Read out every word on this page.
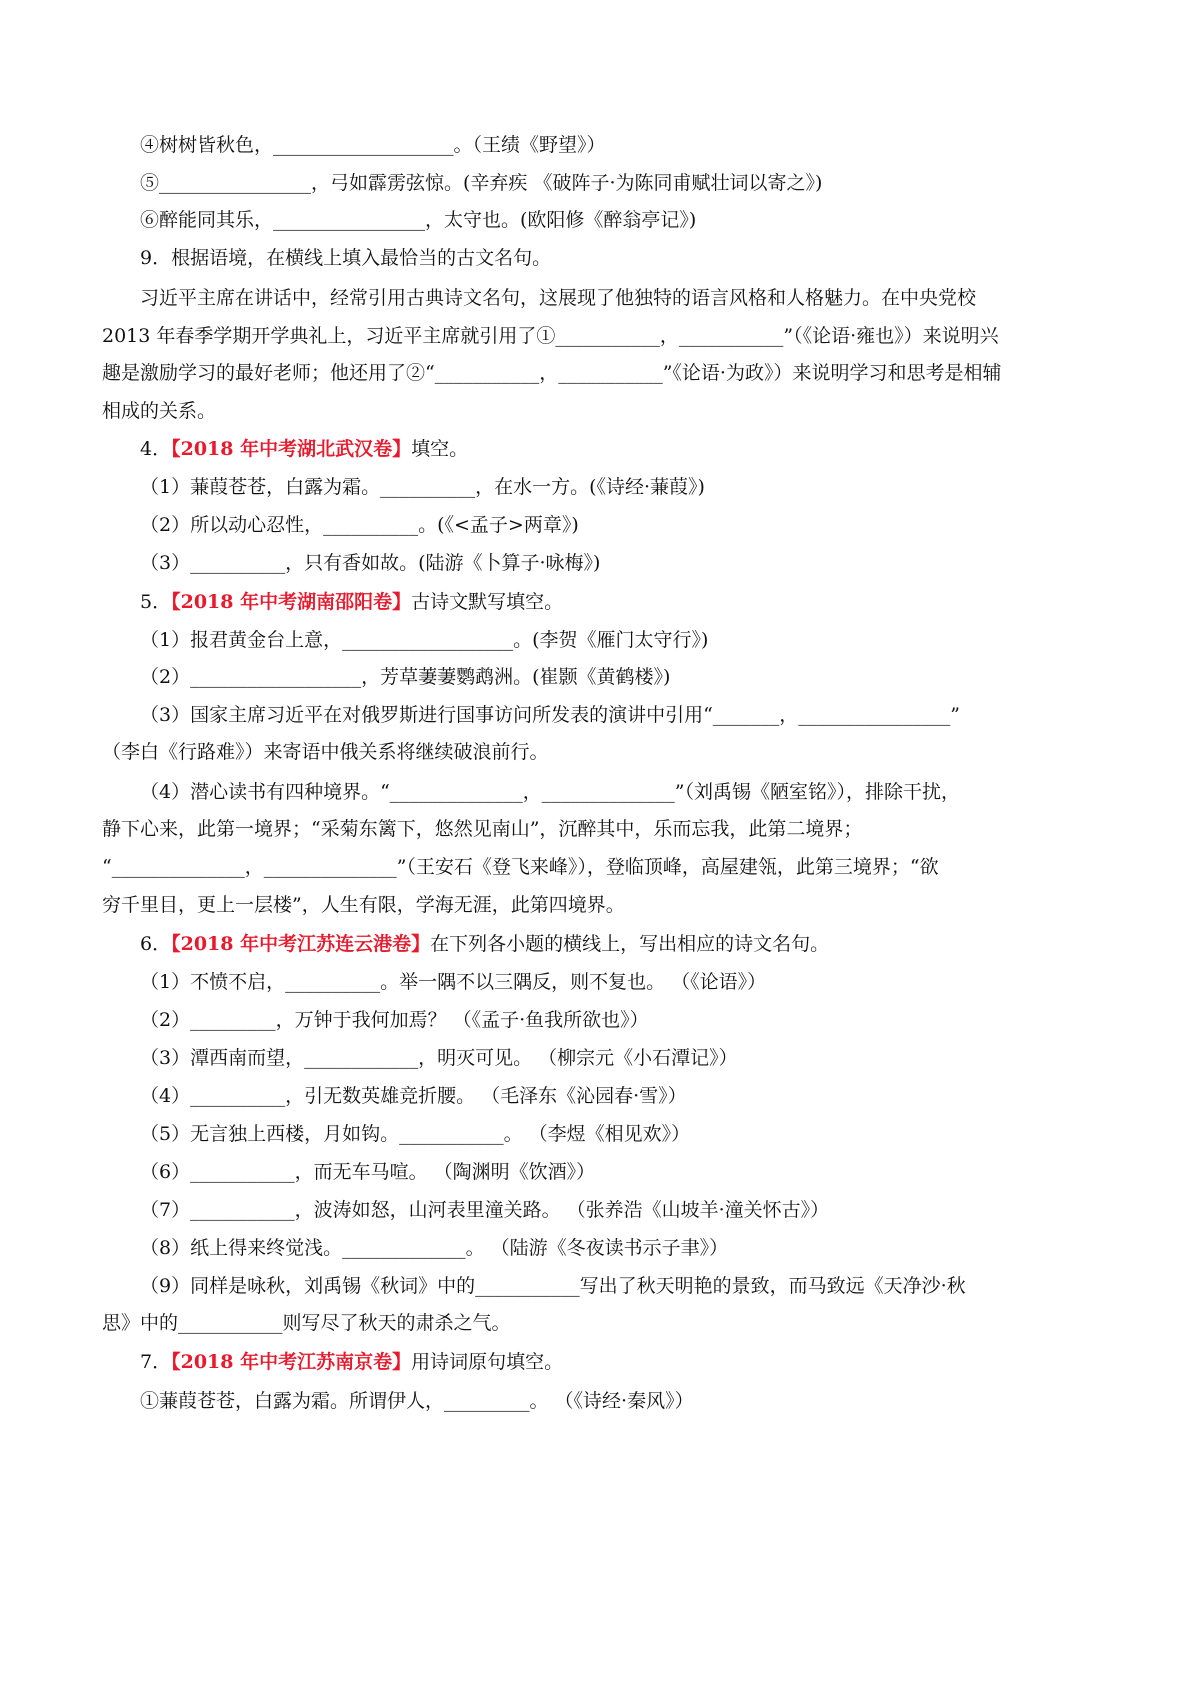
④树树皆秋色，___________________。（王绩《野望》）
⑤________________，弓如霹雳弦惊。(辛弃疾 《破阵子·为陈同甫赋壮词以寄之》)
⑥醉能同其乐，________________，太守也。(欧阳修《醉翁亭记》)
9．根据语境，在横线上填入最恰当的古文名句。
习近平主席在讲话中，经常引用古典诗文名句，这展现了他独特的语言风格和人格魅力。在中央党校
2013 年春季学期开学典礼上，习近平主席就引用了①___________，___________”（《论语·雍也》）来说明兴
趣是激励学习的最好老师；他还用了②“___________，___________”《论语·为政》）来说明学习和思考是相辅
相成的关系。
4．【2018 年中考湖北武汉卷】填空。
（1）蒹葭苍苍，白露为霜。__________，在水一方。(《诗经·蒹葭》)
（2）所以动心忍性，__________。(《<孟子>两章》)
（3）__________，只有香如故。(陆游《卜算子·咏梅》)
5．【2018 年中考湖南邵阳卷】古诗文默写填空。
（1）报君黄金台上意，__________________。(李贺《雁门太守行》)
（2）__________________，芳草萋萋鹦鹉洲。(崔颢《黄鹤楼》)
（3）国家主席习近平在对俄罗斯进行国事访问所发表的演讲中引用“_______，________________”
（李白《行路难》）来寄语中俄关系将继续破浪前行。
（4）潜心读书有四种境界。“______________，______________”（刘禹锡《陋室铭》），排除干扰，
静下心来，此第一境界；“采菊东篱下，悠然见南山”，沉醉其中，乐而忘我，此第二境界；
“______________，______________”（王安石《登飞来峰》），登临顶峰，高屋建瓴，此第三境界；“欲
穷千里目，更上一层楼”，人生有限，学海无涯，此第四境界。
6．【2018 年中考江苏连云港卷】在下列各小题的横线上，写出相应的诗文名句。
（1）不愤不启，__________。举一隅不以三隅反，则不复也。 （《论语》）
（2）_________，万钟于我何加焉？ （《孟子·鱼我所欲也》）
（3）潭西南而望，____________，明灭可见。 （柳宗元《小石潭记》）
（4）__________，引无数英雄竞折腰。 （毛泽东《沁园春·雪》）
（5）无言独上西楼，月如钩。___________。 （李煜《相见欢》）
（6）___________，而无车马喧。 （陶渊明《饮酒》）
（7）___________，波涛如怒，山河表里潼关路。 （张养浩《山坡羊·潼关怀古》）
（8）纸上得来终觉浅。_____________。 （陆游《冬夜读书示子聿》）
（9）同样是咏秋，刘禹锡《秋词》中的___________写出了秋天明艳的景致，而马致远《天净沙·秋
思》中的___________则写尽了秋天的肃杀之气。
7．【2018 年中考江苏南京卷】用诗词原句填空。
①蒹葭苍苍，白露为霜。所谓伊人，_________。 （《诗经·秦风》）
